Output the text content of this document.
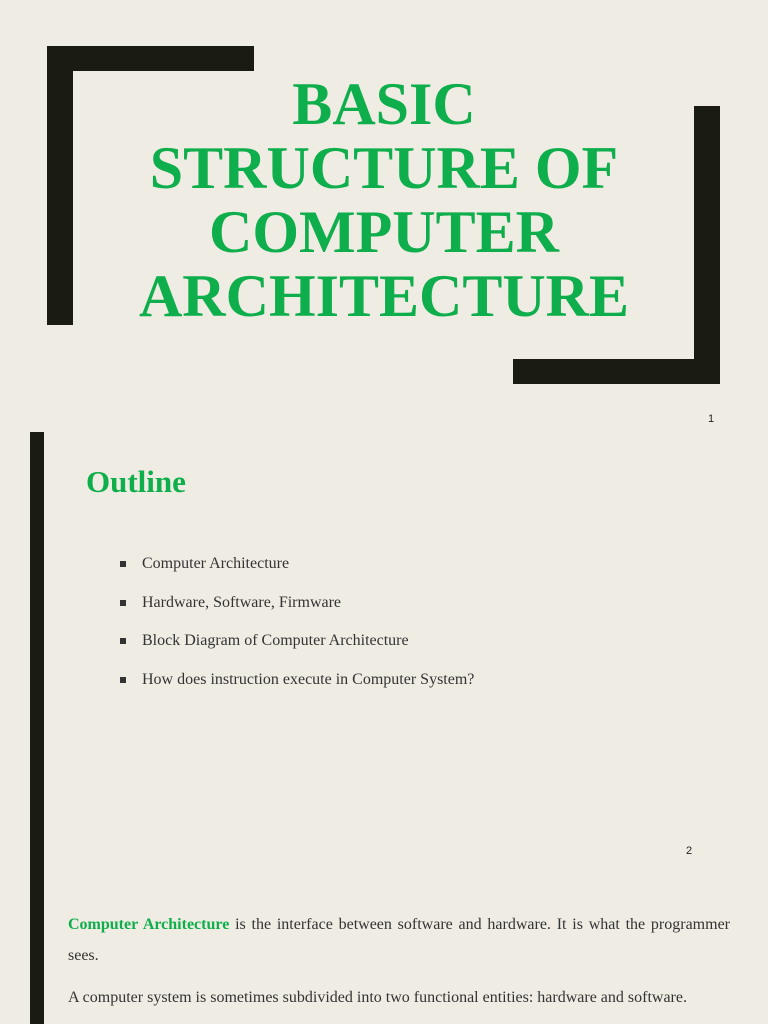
BASIC
STRUCTURE OF
COMPUTER
ARCHITECTURE
1
Outline
Computer Architecture
Hardware, Software, Firmware
Block Diagram of Computer Architecture
How does instruction execute in Computer System?
2
Computer Architecture is the interface between software and hardware. It is what the programmer sees.
A computer system is sometimes subdivided into two functional entities: hardware and software.
